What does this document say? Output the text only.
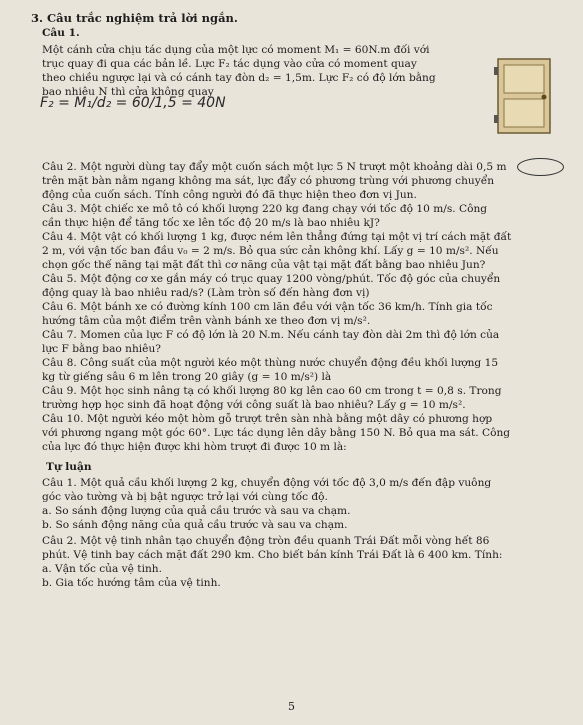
3. Câu trắc nghiệm trả lời ngắn.
Câu 1.
Một cánh cửa chịu tác dụng của một lực có moment M₁ = 60N.m đối với
trục quay đi qua các bản lề. Lực F₂ tác dụng vào cửa có moment quay
theo chiều ngược lại và có cánh tay đòn d₂ = 1,5m. Lực F₂ có độ lớn bằng
bao nhiêu N thì cửa không quay
F₂ = M₁/d₂ = 60/1,5 = 40N
Câu 2. Một người dùng tay đẩy một cuốn sách một lực 5 N trượt một khoảng dài 0,5 m
trên mặt bàn nằm ngang không ma sát, lực đẩy có phương trùng với phương chuyển
động của cuốn sách. Tính công người đó đã thực hiện theo đơn vị Jun.
Câu 3. Một chiếc xe mô tô có khối lượng 220 kg đang chạy với tốc độ 10 m/s. Công
cần thực hiện để tăng tốc xe lên tốc độ 20 m/s là bao nhiêu kJ?
Câu 4. Một vật có khối lượng 1 kg, được ném lên thẳng đứng tại một vị trí cách mặt đất
2 m, với vận tốc ban đầu v₀ = 2 m/s. Bỏ qua sức cản không khí. Lấy g = 10 m/s². Nếu
chọn gốc thế năng tại mặt đất thì cơ năng của vật tại mặt đất bằng bao nhiêu Jun?
Câu 5. Một động cơ xe gắn máy có trục quay 1200 vòng/phút. Tốc độ góc của chuyển
động quay là bao nhiêu rad/s? (Làm tròn số đến hàng đơn vị)
Câu 6. Một bánh xe có đường kính 100 cm lăn đều với vận tốc 36 km/h. Tính gia tốc
hướng tâm của một điểm trên vành bánh xe theo đơn vị m/s².
Câu 7. Momen của lực F có độ lớn là 20 N.m. Nếu cánh tay đòn dài 2m thì độ lớn của
lực F bằng bao nhiêu?
Câu 8. Công suất của một người kéo một thùng nước chuyển động đều khối lượng 15
kg từ giếng sâu 6 m lên trong 20 giây (g = 10 m/s²) là
Câu 9. Một học sinh nâng tạ có khối lượng 80 kg lên cao 60 cm trong t = 0,8 s. Trong
trường hợp học sinh đã hoạt động với công suất là bao nhiêu? Lấy g = 10 m/s².
Câu 10. Một người kéo một hòm gỗ trượt trên sàn nhà bằng một dây có phương hợp
với phương ngang một góc 60°. Lực tác dụng lên dây bằng 150 N. Bỏ qua ma sát. Công
của lực đó thực hiện được khi hòm trượt đi được 10 m là:
Tự luận
Câu 1. Một quả cầu khối lượng 2 kg, chuyển động với tốc độ 3,0 m/s đến đập vuông
góc vào tường và bị bật ngược trở lại với cùng tốc độ.
a. So sánh động lượng của quả cầu trước và sau va chạm.
b. So sánh động năng của quả cầu trước và sau va chạm.
Câu 2. Một vệ tinh nhân tạo chuyển động tròn đều quanh Trái Đất mỗi vòng hết 86
phút. Vệ tinh bay cách mặt đất 290 km. Cho biết bán kính Trái Đất là 6 400 km. Tính:
a. Vận tốc của vệ tinh.
b. Gia tốc hướng tâm của vệ tinh.
5
